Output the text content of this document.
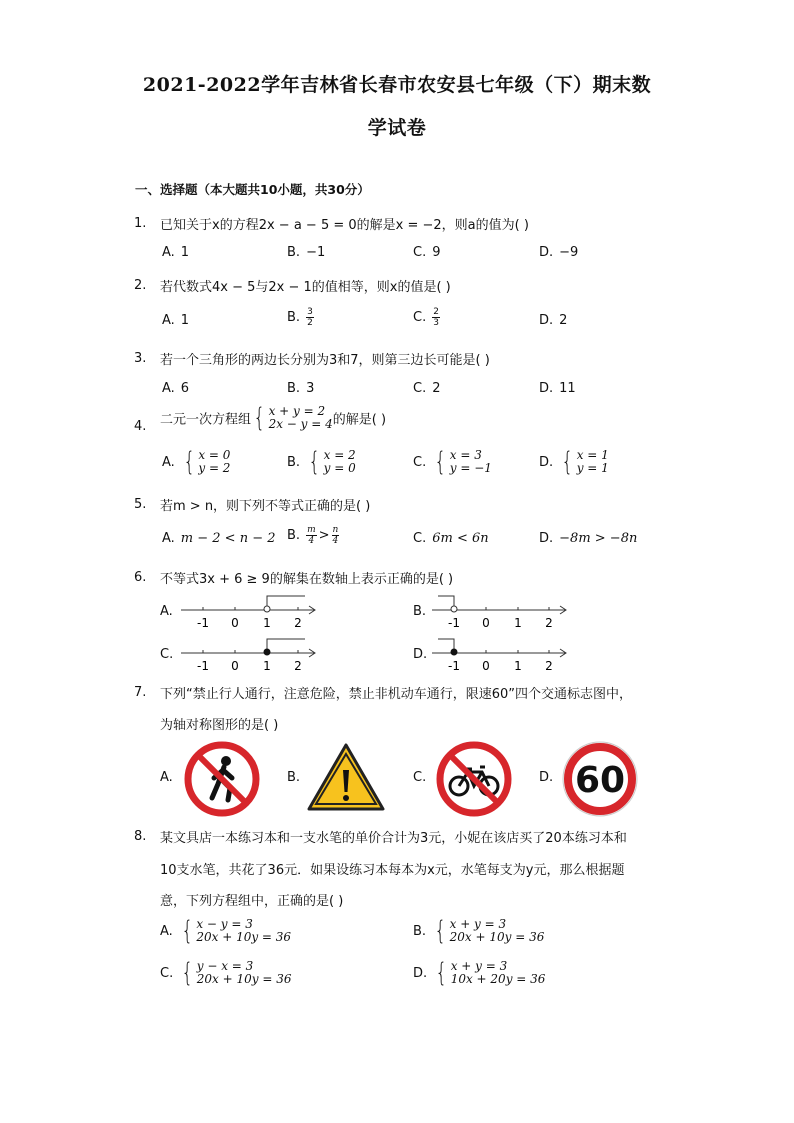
2021-2022学年吉林省长春市农安县七年级（下）期末数
学试卷
一、选择题（本大题共10小题，共30分）
1. 已知关于x的方程2x − a − 5 = 0的解是x = −2，则a的值为( )
A. 1	B. −1	C. 9	D. −9
2. 若代数式4x − 5与2x − 1的值相等，则x的值是( )
A. 1	B. $\frac{3}{2}$	C. $\frac{2}{3}$	D. 2
3. 若一个三角形的两边长分别为3和7，则第三边长可能是( )
A. 6	B. 3	C. 2	D. 11
4. 二元一次方程组 { x + y = 2
2x − y = 4 的解是( )
A. { x = 0
y = 2	B. { x = 2
y = 0	C. { x = 3
y = −1	D. { x = 1
y = 1
5. 若m > n，则下列不等式正确的是( )
A. m − 2 < n − 2 B. $\frac{m}{4} > \frac{n}{4}$	C. 6m < 6n	D. −8m > −8n
6. 不等式3x + 6 ≥ 9的解集在数轴上表示正确的是( )
A.
-1 0 1 2
B.
-1 0 1 2
C.
-1 0 1 2
D.
-1 0 1 2
7. 下列“禁止行人通行，注意危险，禁止非机动车通行，限速60”四个交通标志图中，
为轴对称图形的是( )
A.	B.	C.	D. 60
8. 某文具店一本练习本和一支水笔的单价合计为3元，小妮在该店买了20本练习本和
10支水笔，共花了36元．如果设练习本每本为x元，水笔每支为y元，那么根据题
意，下列方程组中，正确的是( )
A. { x − y = 3
20x + 10y = 36	B. { x + y = 3
20x + 10y = 36
C. { y − x = 3
20x + 10y = 36	D. { x + y = 3
10x + 20y = 36
